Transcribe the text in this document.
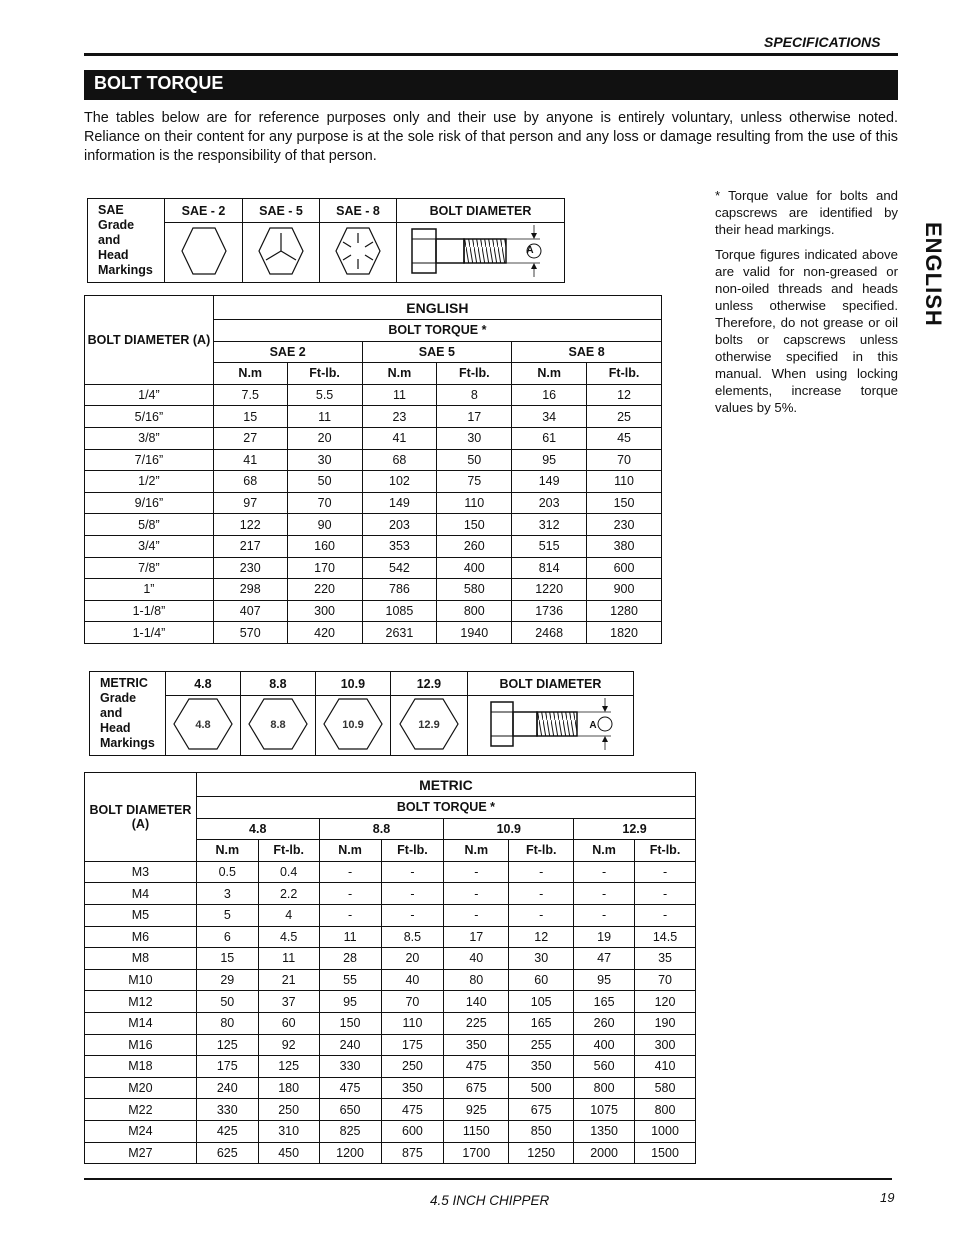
SPECIFICATIONS
BOLT TORQUE

The tables below are for reference purposes only and their use by anyone is entirely voluntary, unless otherwise noted. Reliance on their content for any purpose is at the sole risk of that person and any loss or damage resulting from the use of this information is the responsibility of that person.

ENGLISH

* Torque value for bolts and capscrews are identified by their head markings.

Torque figures indicated above are valid for non-greased or non-oiled threads and heads unless otherwise specified. Therefore, do not grease or oil bolts or capscrews unless otherwise specified in this manual. When using locking elements, increase torque values by 5%.

SAE
Grade
and
Head
Markings	SAE - 2	SAE - 5	SAE - 8	BOLT DIAMETER

A
BOLT DIAMETER (A)	ENGLISH					
	BOLT TORQUE *					
	SAE 2		SAE 5		SAE 8	
	N.m	Ft-lb.	N.m	Ft-lb.	N.m	Ft-lb.
1/4”	7.5	5.5	11	8	16	12
5/16”	15	11	23	17	34	25
3/8”	27	20	41	30	61	45
7/16”	41	30	68	50	95	70
1/2”	68	50	102	75	149	110
9/16”	97	70	149	110	203	150
5/8”	122	90	203	150	312	230
3/4”	217	160	353	260	515	380
7/8”	230	170	542	400	814	600
1”	298	220	786	580	1220	900
1-1/8”	407	300	1085	800	1736	1280
1-1/4”	570	420	2631	1940	2468	1820
METRIC
Grade
and
Head
Markings	4.8	8.8	10.9	12.9	BOLT DIAMETER

4.8	8.8	10.9	12.9
		A
BOLT DIAMETER (A)	METRIC							
	BOLT TORQUE *							
	4.8		8.8		10.9		12.9	
	N.m	Ft-lb.	N.m	Ft-lb.	N.m	Ft-lb.	N.m	Ft-lb.
M3	0.5	0.4	-	-	-	-	-	-
M4	3	2.2	-	-	-	-	-	-
M5	5	4	-	-	-	-	-	-
M6	6	4.5	11	8.5	17	12	19	14.5
M8	15	11	28	20	40	30	47	35
M10	29	21	55	40	80	60	95	70
M12	50	37	95	70	140	105	165	120
M14	80	60	150	110	225	165	260	190
M16	125	92	240	175	350	255	400	300
M18	175	125	330	250	475	350	560	410
M20	240	180	475	350	675	500	800	580
M22	330	250	650	475	925	675	1075	800
M24	425	310	825	600	1150	850	1350	1000
M27	625	450	1200	875	1700	1250	2000	1500
4.5 INCH CHIPPER	19
